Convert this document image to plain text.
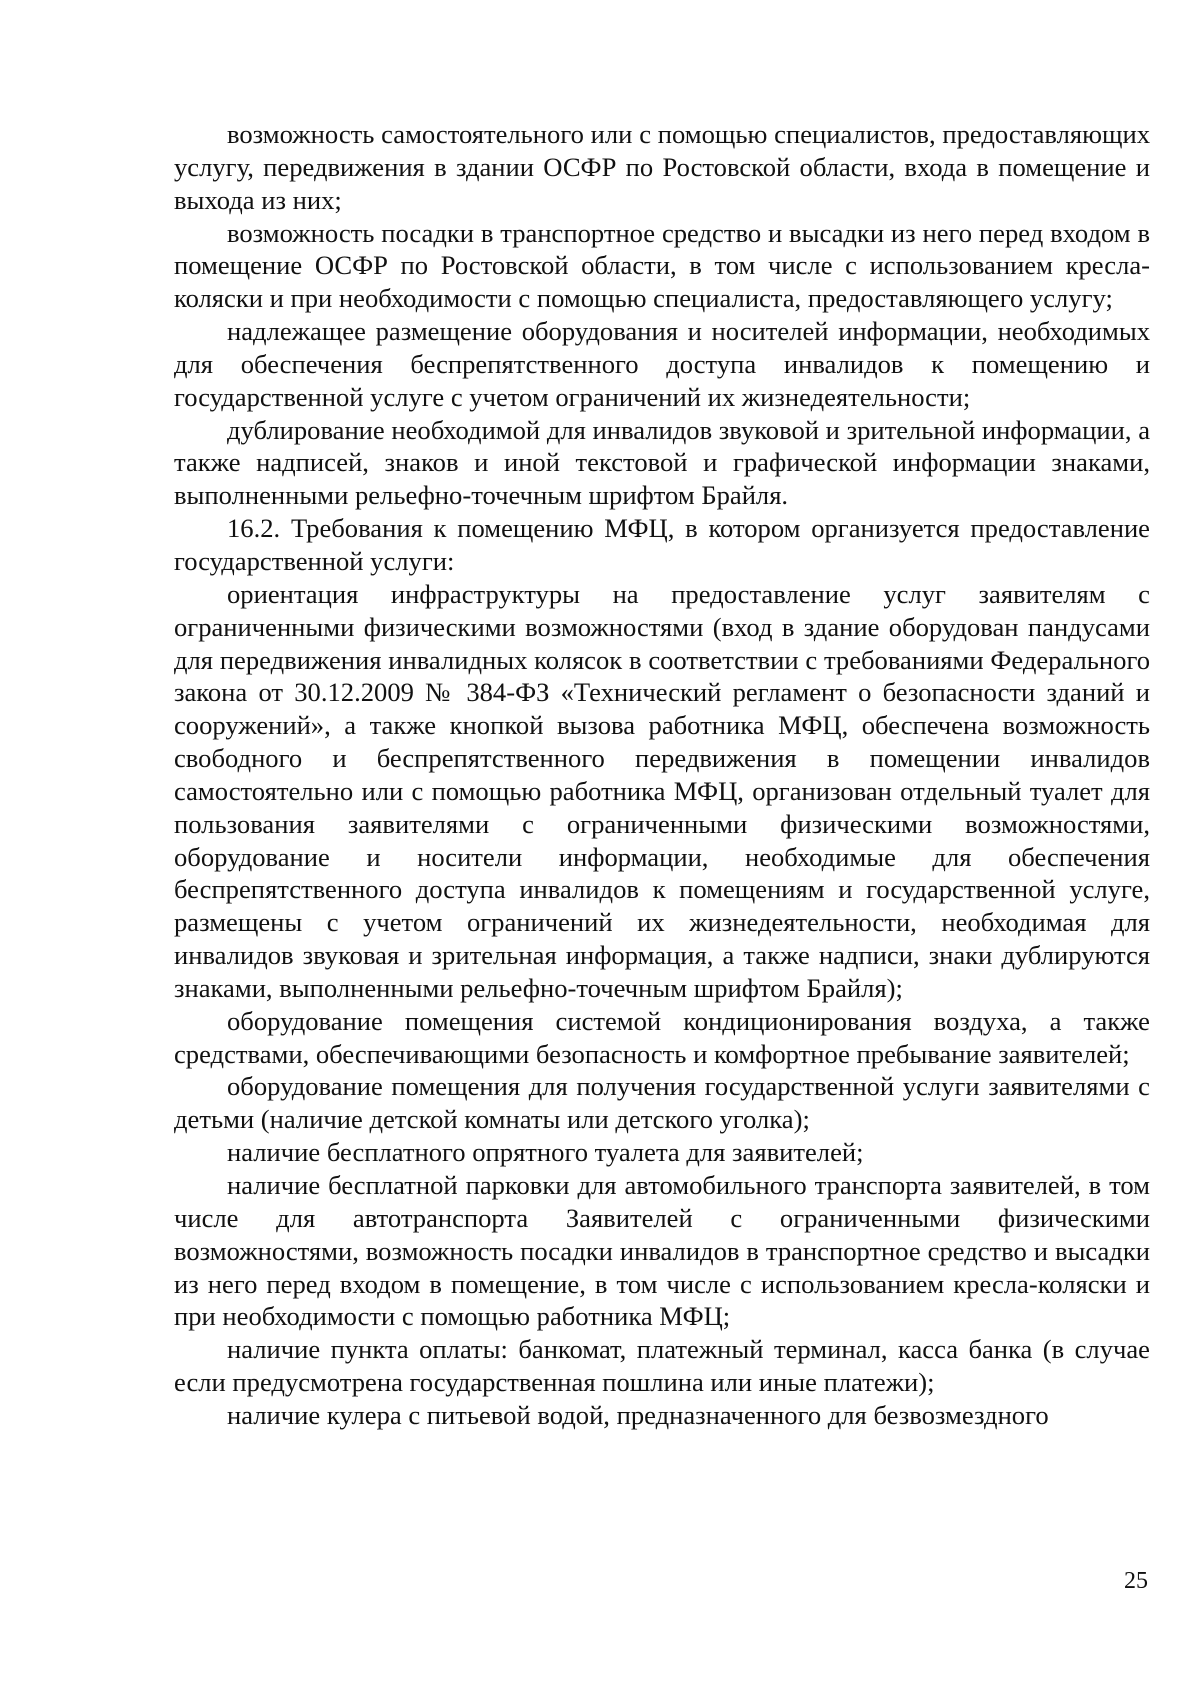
возможность самостоятельного или с помощью специалистов, предоставляющих услугу, передвижения в здании ОСФР по Ростовской области, входа в помещение и выхода из них;

возможность посадки в транспортное средство и высадки из него перед входом в помещение ОСФР по Ростовской области, в том числе с использованием кресла-коляски и при необходимости с помощью специалиста, предоставляющего услугу;

надлежащее размещение оборудования и носителей информации, необходимых для обеспечения беспрепятственного доступа инвалидов к помещению и государственной услуге с учетом ограничений их жизнедеятельности;

дублирование необходимой для инвалидов звуковой и зрительной информации, а также надписей, знаков и иной текстовой и графической информации знаками, выполненными рельефно-точечным шрифтом Брайля.

16.2. Требования к помещению МФЦ, в котором организуется предоставление государственной услуги:

ориентация инфраструктуры на предоставление услуг заявителям с ограниченными физическими возможностями (вход в здание оборудован пандусами для передвижения инвалидных колясок в соответствии с требованиями Федерального закона от 30.12.2009 № 384-ФЗ «Технический регламент о безопасности зданий и сооружений», а также кнопкой вызова работника МФЦ, обеспечена возможность свободного и беспрепятственного передвижения в помещении инвалидов самостоятельно или с помощью работника МФЦ, организован отдельный туалет для пользования заявителями с ограниченными физическими возможностями, оборудование и носители информации, необходимые для обеспечения беспрепятственного доступа инвалидов к помещениям и государственной услуге, размещены с учетом ограничений их жизнедеятельности, необходимая для инвалидов звуковая и зрительная информация, а также надписи, знаки дублируются знаками, выполненными рельефно-точечным шрифтом Брайля);

оборудование помещения системой кондиционирования воздуха, а также средствами, обеспечивающими безопасность и комфортное пребывание заявителей;

оборудование помещения для получения государственной услуги заявителями с детьми (наличие детской комнаты или детского уголка);

наличие бесплатного опрятного туалета для заявителей;

наличие бесплатной парковки для автомобильного транспорта заявителей, в том числе для автотранспорта Заявителей с ограниченными физическими возможностями, возможность посадки инвалидов в транспортное средство и высадки из него перед входом в помещение, в том числе с использованием кресла-коляски и при необходимости с помощью работника МФЦ;

наличие пункта оплаты: банкомат, платежный терминал, касса банка (в случае если предусмотрена государственная пошлина или иные платежи);

наличие кулера с питьевой водой, предназначенного для безвозмездного

25
